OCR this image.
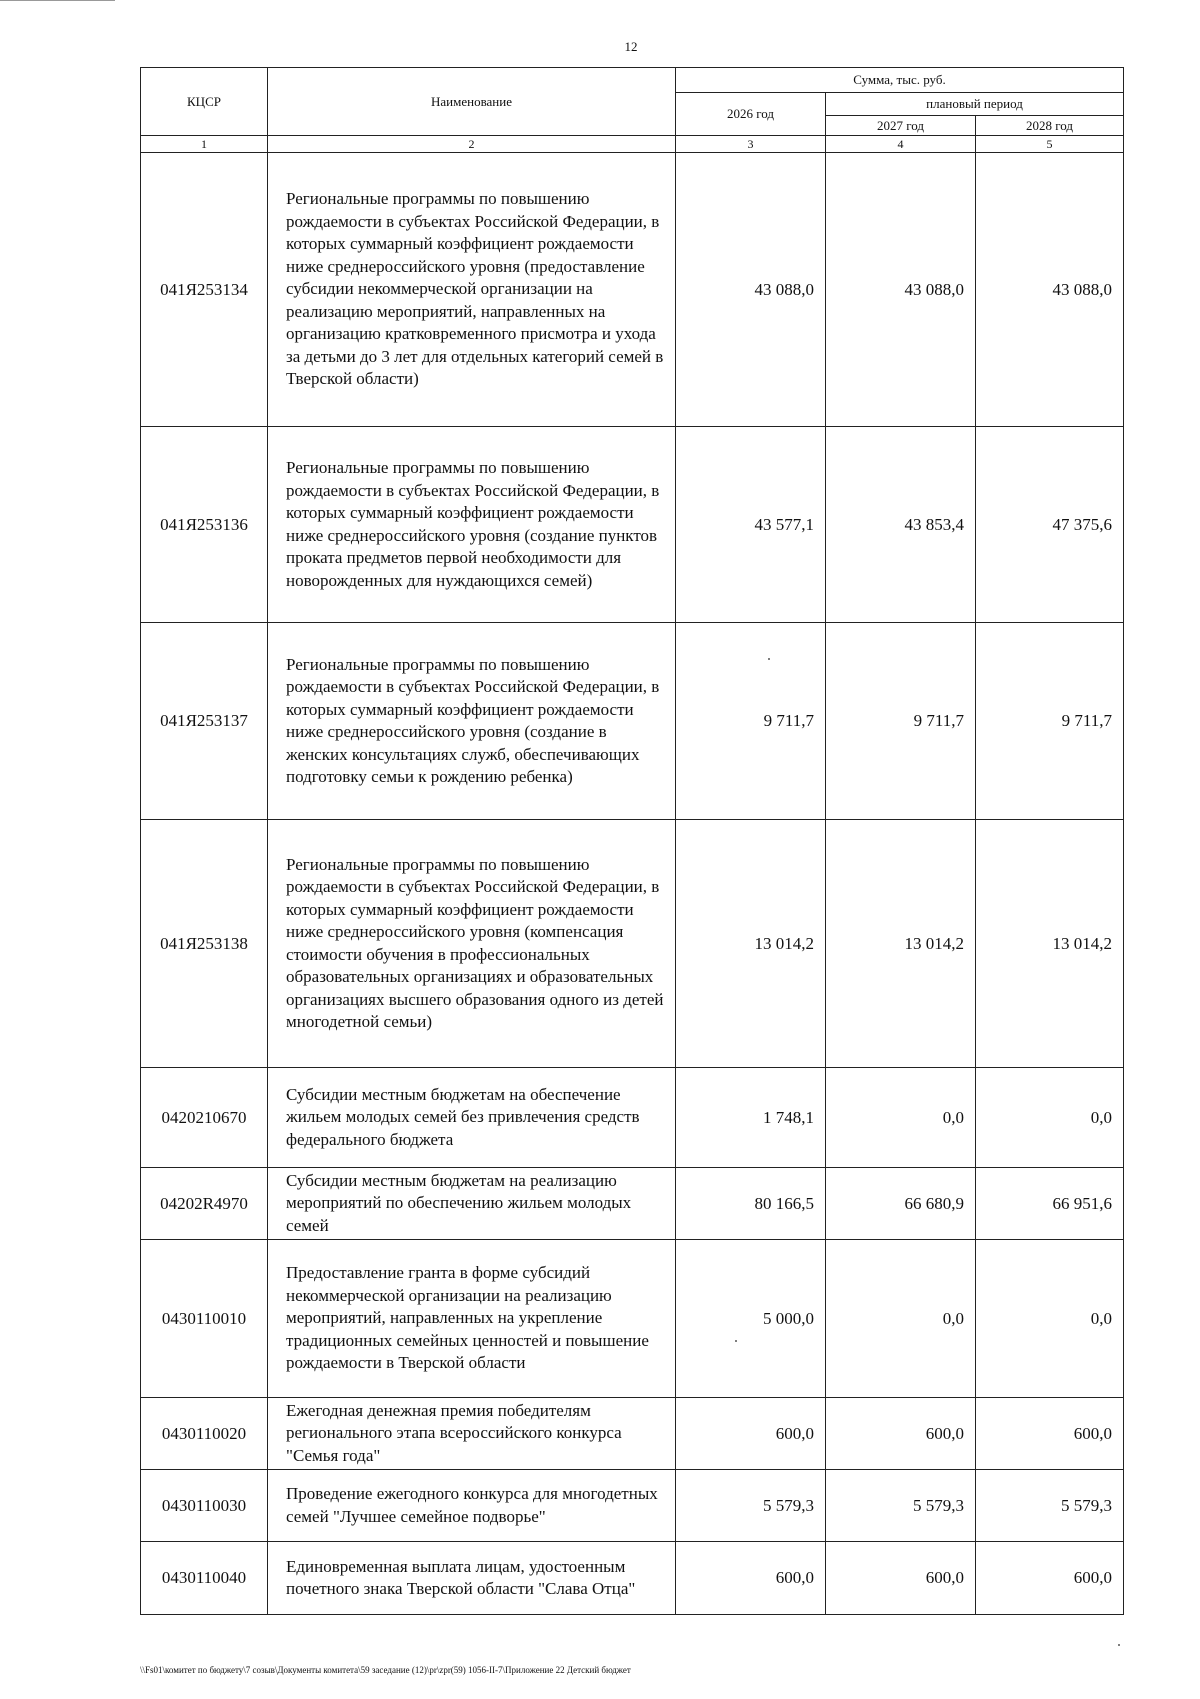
12
КЦСР	Наименование	Сумма, тыс. руб.		
		2026 год	плановый период	
			2027 год	2028 год
1	2	3	4	5
041Я253134	Региональные программы по повышению рождаемости в субъектах Российской Федерации, в которых суммарный коэффициент рождаемости ниже среднероссийского уровня (предоставление субсидии некоммерческой организации на реализацию мероприятий, направленных на организацию кратковременного присмотра и ухода за детьми до 3 лет для отдельных категорий семей в Тверской области)	43 088,0	43 088,0	43 088,0
041Я253136	Региональные программы по повышению рождаемости в субъектах Российской Федерации, в которых суммарный коэффициент рождаемости ниже среднероссийского уровня (создание пунктов проката предметов первой необходимости для новорожденных для нуждающихся семей)	43 577,1	43 853,4	47 375,6
041Я253137	Региональные программы по повышению рождаемости в субъектах Российской Федерации, в которых суммарный коэффициент рождаемости ниже среднероссийского уровня (создание в женских консультациях служб, обеспечивающих подготовку семьи к рождению ребенка)	9 711,7	9 711,7	9 711,7
041Я253138	Региональные программы по повышению рождаемости в субъектах Российской Федерации, в которых суммарный коэффициент рождаемости ниже среднероссийского уровня (компенсация стоимости обучения в профессиональных образовательных организациях и образовательных организациях высшего образования одного из детей многодетной семьи)	13 014,2	13 014,2	13 014,2
0420210670	Субсидии местным бюджетам на обеспечение жильем молодых семей без привлечения средств федерального бюджета	1 748,1	0,0	0,0
04202R4970	Субсидии местным бюджетам на реализацию мероприятий по обеспечению жильем молодых семей	80 166,5	66 680,9	66 951,6
0430110010	Предоставление гранта в форме субсидий некоммерческой организации на реализацию мероприятий, направленных на укрепление традиционных семейных ценностей и повышение рождаемости в Тверской области	5 000,0	0,0	0,0
0430110020	Ежегодная денежная премия победителям регионального этапа всероссийского конкурса "Семья года"	600,0	600,0	600,0
0430110030	Проведение ежегодного конкурса для многодетных семей "Лучшее семейное подворье"	5 579,3	5 579,3	5 579,3
0430110040	Единовременная выплата лицам, удостоенным почетного знака Тверской области "Слава Отца"	600,0	600,0	600,0
\\Fs01\комитет по бюджету\7 созыв\Документы комитета\59 заседание (12)\pr\zpr(59) 1056-II-7\Приложение 22 Детский бюджет
